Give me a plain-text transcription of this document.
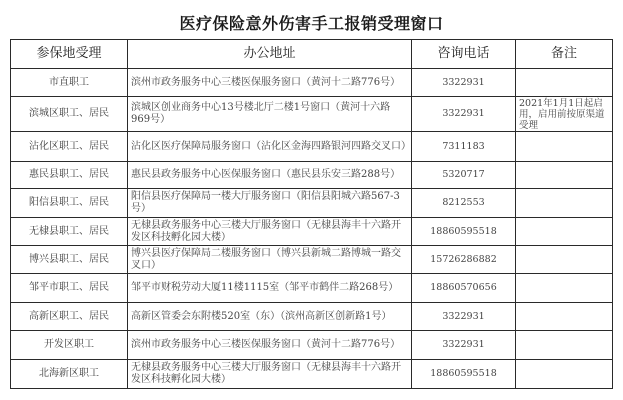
医疗保险意外伤害手工报销受理窗口
参保地受理	办公地址	咨询电话	备注
市直职工	滨州市政务服务中心三楼医保服务窗口（黄河十二路776号）	3322931	
滨城区职工、居民	滨城区创业商务中心13号楼北厅二楼1号窗口（黄河十六路969号）	3322931	2021年1月1日起启用，启用前按原渠道受理
沾化区职工、居民	沾化区医疗保障局服务窗口（沾化区金海四路银河四路交叉口）	7311183	
惠民县职工、居民	惠民县政务服务中心医保服务窗口（惠民县乐安三路288号）	5320717	
阳信县职工、居民	阳信县医疗保障局一楼大厅服务窗口（阳信县阳城六路567-3号）	8212553	
无棣县职工、居民	无棣县政务服务中心三楼大厅服务窗口（无棣县海丰十六路开发区科技孵化园大楼）	18860595518	
博兴县职工、居民	博兴县医疗保障局二楼服务窗口（博兴县新城二路博城一路交叉口）	15726286882	
邹平市职工、居民	邹平市财税劳动大厦11楼1115室（邹平市鹤伴二路268号）	18860570656	
高新区职工、居民	高新区管委会东附楼520室（东）（滨州高新区创新路1号）	3322931	
开发区职工	滨州市政务服务中心三楼医保服务窗口（黄河十二路776号）	3322931	
北海新区职工	无棣县政务服务中心三楼大厅服务窗口（无棣县海丰十六路开发区科技孵化园大楼）	18860595518	
